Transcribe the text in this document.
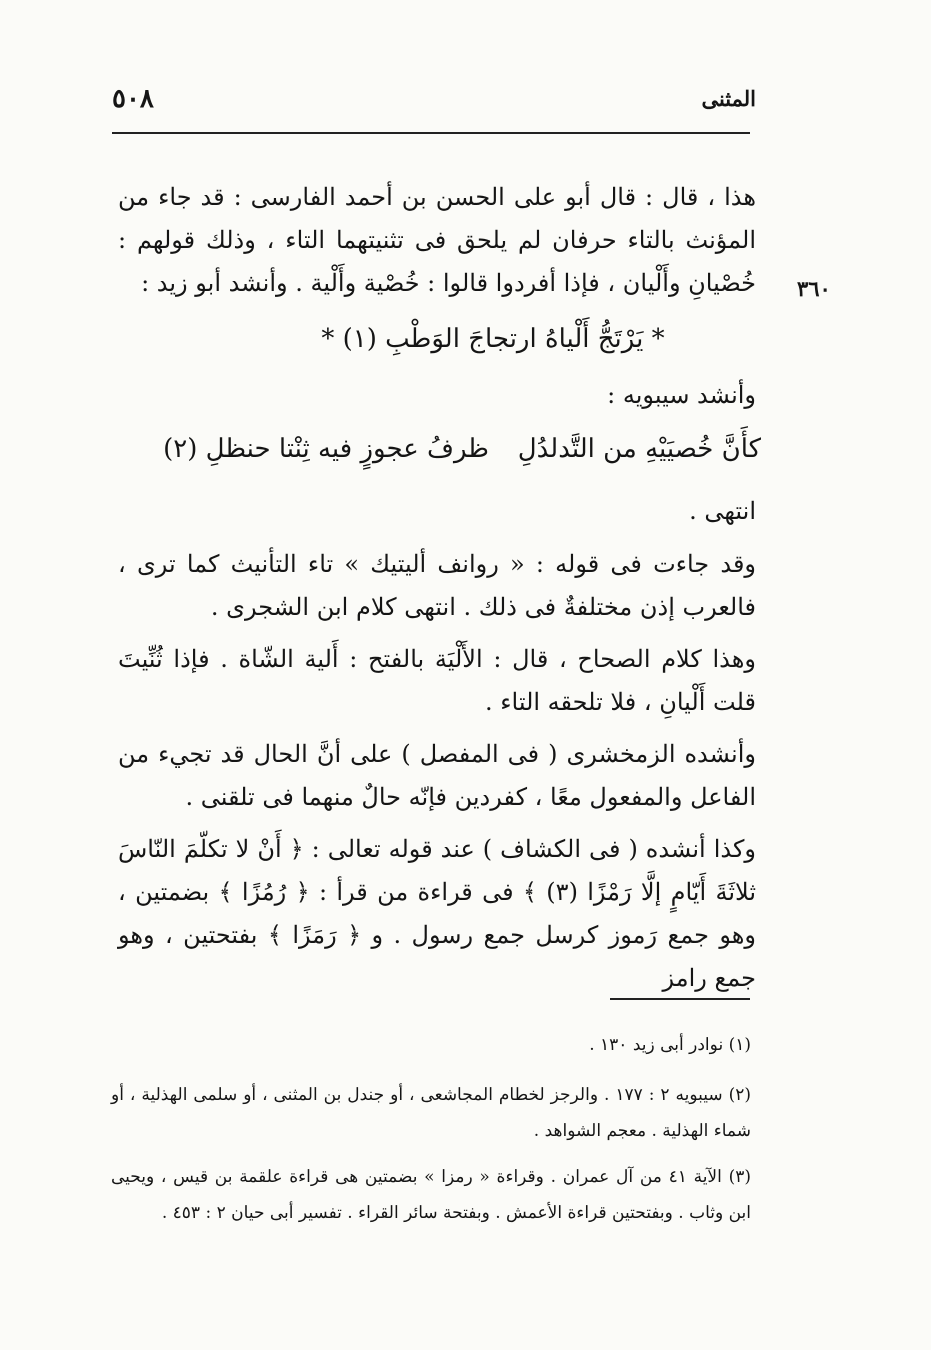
المثنى
٥٠٨
٣٦٠

هذا ، قال : قال أبو على الحسن بن أحمد الفارسى : قد جاء من المؤنث بالتاء حرفان لم يلحق فى تثنيتهما التاء ، وذلك قولهم : خُصْيانِ وأَلْيان ، فإذا أفردوا قالوا : خُصْية وأَلْية . وأنشد أبو زيد :

* يَرْتَجُّ أَلْياهُ ارتجاجَ الوَطْبِ (١) *

وأنشد سيبويه :

كأَنَّ خُصيَيْهِ من التَّدلدُلِ
ظرفُ عجوزٍ فيه ثِنْتا حنظلِ (٢)

انتهى .

وقد جاءت فى قوله : « روانف أليتيك » تاء التأنيث كما ترى ، فالعرب إذن مختلفةٌ فى ذلك . انتهى كلام ابن الشجرى .

وهذا كلام الصحاح ، قال : الأَلْيَة بالفتح : أَلية الشّاة . فإذا ثُنِّيتَ قلت أَلْيانِ ، فلا تلحقه التاء .

وأنشده الزمخشرى ( فى المفصل ) على أنَّ الحال قد تجيء من الفاعل والمفعول معًا ، كفردين فإنّه حالٌ منهما فى تلقنى .

وكذا أنشده ( فى الكشاف ) عند قوله تعالى : ﴿ أَنْ لا تكلّمَ النّاسَ ثلاثَةَ أَيّامٍ إلَّا رَمْزًا (٣) ﴾ فى قراءة من قرأ : ﴿ رُمُزًا ﴾ بضمتين ، وهو جمع رَموز كرسل جمع رسول . و ﴿ رَمَزًا ﴾ بفتحتين ، وهو جمع رامز

(١) نوادر أبى زيد ١٣٠ .

(٢) سيبويه ٢ : ١٧٧ . والرجز لخطام المجاشعى ، أو جندل بن المثنى ، أو سلمى الهذلية ، أو شماء الهذلية . معجم الشواهد .

(٣) الآية ٤١ من آل عمران . وقراءة « رمزا » بضمتين هى قراءة علقمة بن قيس ، ويحيى ابن وثاب . وبفتحتين قراءة الأعمش . وبفتحة سائر القراء . تفسير أبى حيان ٢ : ٤٥٣ .
